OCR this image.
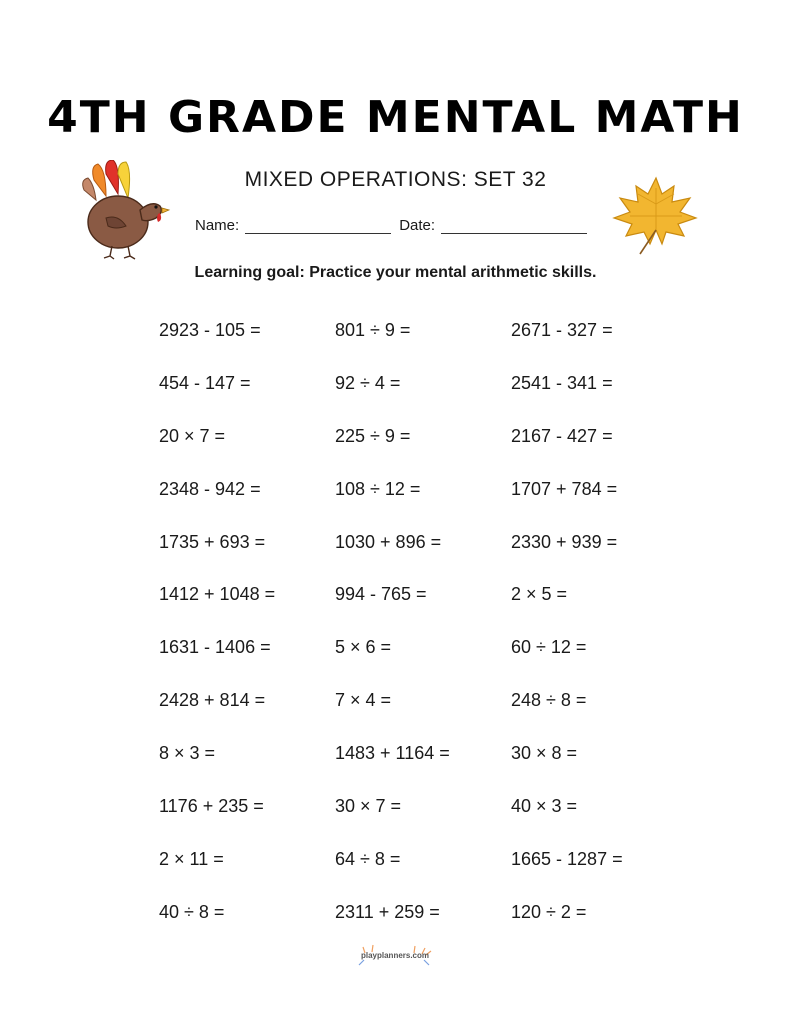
4TH GRADE MENTAL MATH
MIXED OPERATIONS: SET 32
Name:	Date:
Learning goal: Practice your mental arithmetic skills.
2923 - 105 =	801 ÷ 9 =	2671 - 327 =
454 - 147 =	92 ÷ 4 =	2541 - 341 =
20 × 7 =	225 ÷ 9 =	2167 - 427 =
2348 - 942 =	108 ÷ 12 =	1707 + 784 =
1735 + 693 =	1030 + 896 =	2330 + 939 =
1412 + 1048 =	994 - 765 =	2 × 5 =
1631 - 1406 =	5 × 6 =	60 ÷ 12 =
2428 + 814 =	7 × 4 =	248 ÷ 8 =
8 × 3 =	1483 + 1164 =	30 × 8 =
1176 + 235 =	30 × 7 =	40 × 3 =
2 × 11 =	64 ÷ 8 =	1665 - 1287 =
40 ÷ 8 =	2311 + 259 =	120 ÷ 2 =
playplanners.com
